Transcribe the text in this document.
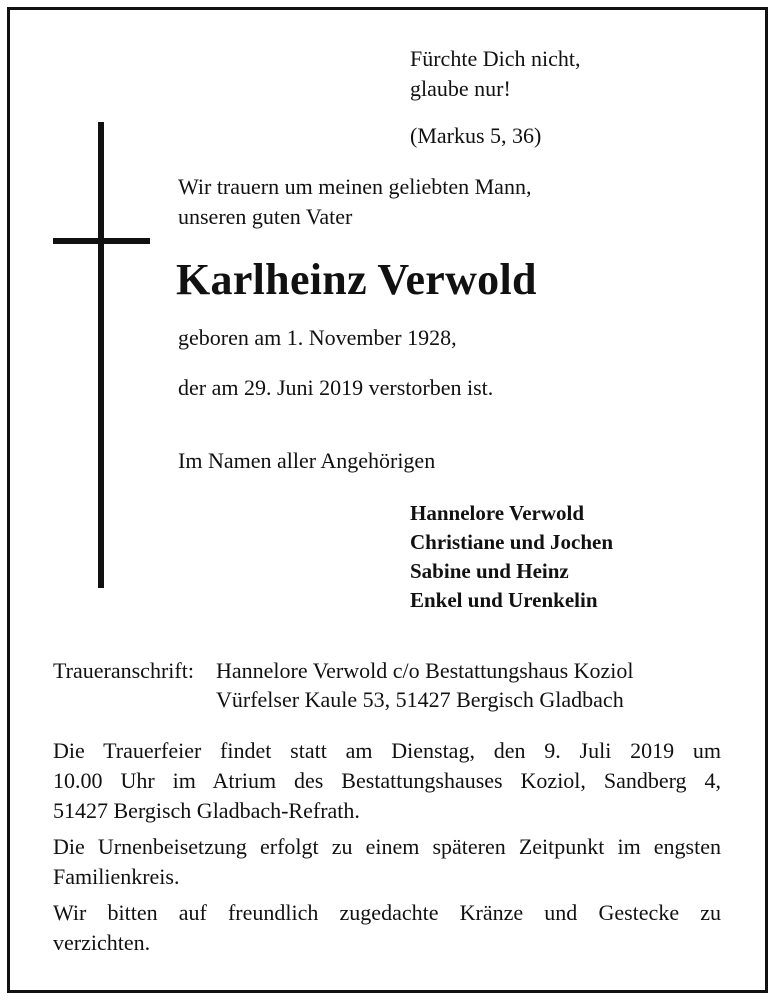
Fürchte Dich nicht,
glaube nur!
(Markus 5, 36)
Wir trauern um meinen geliebten Mann,
unseren guten Vater
Karlheinz Verwold
geboren am 1. November 1928,
der am 29. Juni 2019 verstorben ist.
Im Namen aller Angehörigen
Hannelore Verwold
Christiane und Jochen
Sabine und Heinz
Enkel und Urenkelin
Traueranschrift: Hannelore Verwold c/o Bestattungshaus Koziol
Vürfelser Kaule 53, 51427 Bergisch Gladbach
Die Trauerfeier findet statt am Dienstag, den 9. Juli 2019 um
10.00 Uhr im Atrium des Bestattungshauses Koziol, Sandberg 4,
51427 Bergisch Gladbach-Refrath.
Die Urnenbeisetzung erfolgt zu einem späteren Zeitpunkt im engsten
Familienkreis.
Wir bitten auf freundlich zugedachte Kränze und Gestecke zu
verzichten.
